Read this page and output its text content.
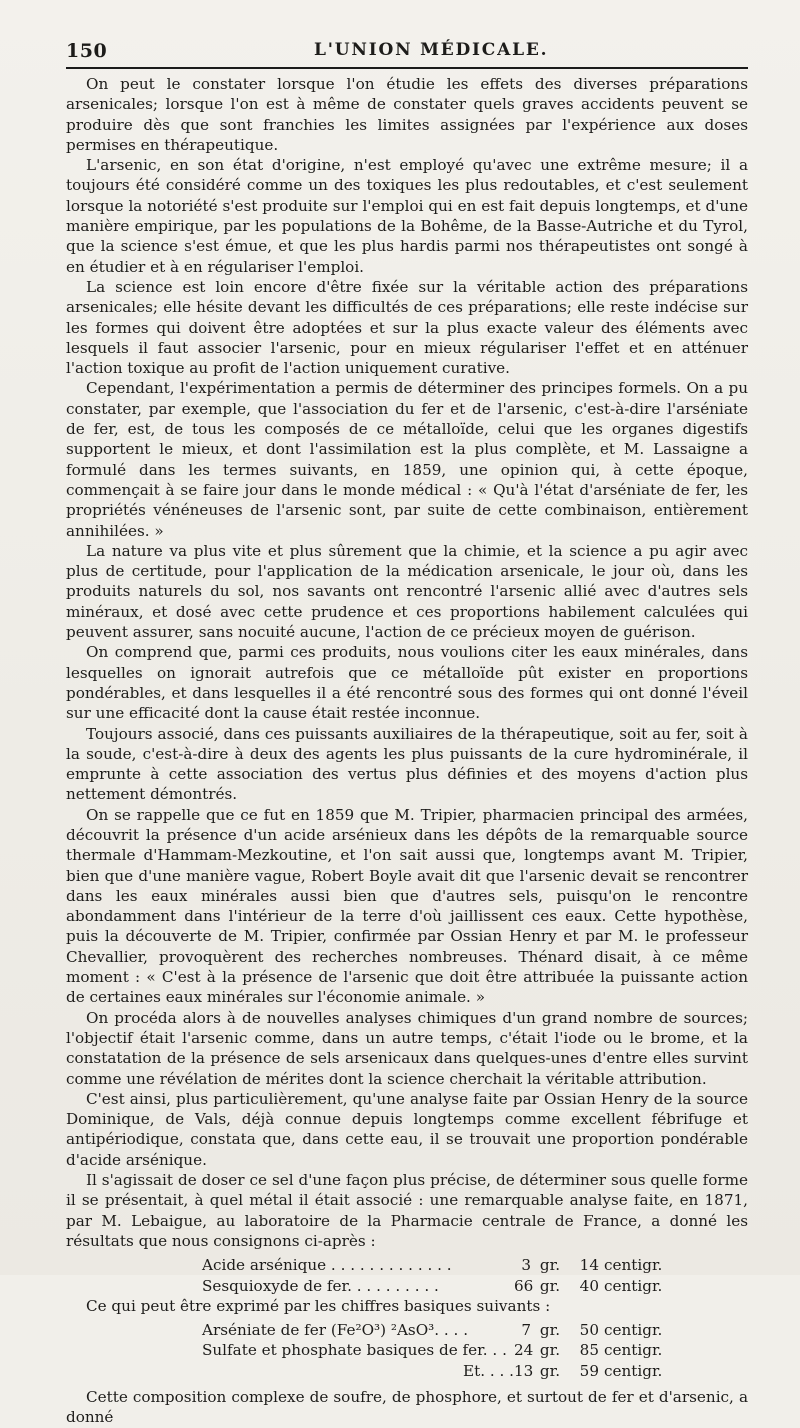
150	L'UNION MÉDICALE.

On peut le constater lorsque l'on étudie les effets des diverses préparations arsenicales; lorsque l'on est à même de constater quels graves accidents peuvent se produire dès que sont franchies les limites assignées par l'expérience aux doses permises en thérapeutique.

L'arsenic, en son état d'origine, n'est employé qu'avec une extrême mesure; il a toujours été considéré comme un des toxiques les plus redoutables, et c'est seulement lorsque la notoriété s'est produite sur l'emploi qui en est fait depuis longtemps, et d'une manière empirique, par les populations de la Bohême, de la Basse-Autriche et du Tyrol, que la science s'est émue, et que les plus hardis parmi nos thérapeutistes ont songé à en étudier et à en régulariser l'emploi.

La science est loin encore d'être fixée sur la véritable action des préparations arsenicales; elle hésite devant les difficultés de ces préparations; elle reste indécise sur les formes qui doivent être adoptées et sur la plus exacte valeur des éléments avec lesquels il faut associer l'arsenic, pour en mieux régulariser l'effet et en atténuer l'action toxique au profit de l'action uniquement curative.

Cependant, l'expérimentation a permis de déterminer des principes formels. On a pu constater, par exemple, que l'association du fer et de l'arsenic, c'est-à-dire l'arséniate de fer, est, de tous les composés de ce métalloïde, celui que les organes digestifs supportent le mieux, et dont l'assimilation est la plus complète, et M. Lassaigne a formulé dans les termes suivants, en 1859, une opinion qui, à cette époque, commençait à se faire jour dans le monde médical : « Qu'à l'état d'arséniate de fer, les propriétés vénéneuses de l'arsenic sont, par suite de cette combinaison, entièrement annihilées. »

La nature va plus vite et plus sûrement que la chimie, et la science a pu agir avec plus de certitude, pour l'application de la médication arsenicale, le jour où, dans les produits naturels du sol, nos savants ont rencontré l'arsenic allié avec d'autres sels minéraux, et dosé avec cette prudence et ces proportions habilement calculées qui peuvent assurer, sans nocuité aucune, l'action de ce précieux moyen de guérison.

On comprend que, parmi ces produits, nous voulions citer les eaux minérales, dans lesquelles on ignorait autrefois que ce métalloïde pût exister en proportions pondérables, et dans lesquelles il a été rencontré sous des formes qui ont donné l'éveil sur une efficacité dont la cause était restée inconnue.

Toujours associé, dans ces puissants auxiliaires de la thérapeutique, soit au fer, soit à la soude, c'est-à-dire à deux des agents les plus puissants de la cure hydrominérale, il emprunte à cette association des vertus plus définies et des moyens d'action plus nettement démontrés.

On se rappelle que ce fut en 1859 que M. Tripier, pharmacien principal des armées, découvrit la présence d'un acide arsénieux dans les dépôts de la remarquable source thermale d'Hammam-Mezkoutine, et l'on sait aussi que, longtemps avant M. Tripier, bien que d'une manière vague, Robert Boyle avait dit que l'arsenic devait se rencontrer dans les eaux minérales aussi bien que d'autres sels, puisqu'on le rencontre abondamment dans l'intérieur de la terre d'où jaillissent ces eaux. Cette hypothèse, puis la découverte de M. Tripier, confirmée par Ossian Henry et par M. le professeur Chevallier, provoquèrent des recherches nombreuses. Thénard disait, à ce même moment : « C'est à la présence de l'arsenic que doit être attribuée la puissante action de certaines eaux minérales sur l'économie animale. »

On procéda alors à de nouvelles analyses chimiques d'un grand nombre de sources; l'objectif était l'arsenic comme, dans un autre temps, c'était l'iode ou le brome, et la constatation de la présence de sels arsenicaux dans quelques-unes d'entre elles survint comme une révélation de mérites dont la science cherchait la véritable attribution.

C'est ainsi, plus particulièrement, qu'une analyse faite par Ossian Henry de la source Dominique, de Vals, déjà connue depuis longtemps comme excellent fébrifuge et antipériodique, constata que, dans cette eau, il se trouvait une proportion pondérable d'acide arsénique.

Il s'agissait de doser ce sel d'une façon plus précise, de déterminer sous quelle forme il se présentait, à quel métal il était associé : une remarquable analyse faite, en 1871, par M. Lebaigue, au laboratoire de la Pharmacie centrale de France, a donné les résultats que nous consignons ci-après :

Acide arsénique . . . . . . . . . . . . .	3 gr.	14 centigr.
Sesquioxyde de fer. . . . . . . . . .	66 gr.	40 centigr.

Ce qui peut être exprimé par les chiffres basiques suivants :

Arséniate de fer (Fe²O³) ²AsO³. . . .	7 gr.	50 centigr.
Sulfate et phosphate basiques de fer. . . 24 gr.	85 centigr.
Et. . . . 13 gr.	59 centigr.

Cette composition complexe de soufre, de phosphore, et surtout de fer et d'arsenic, a donné
